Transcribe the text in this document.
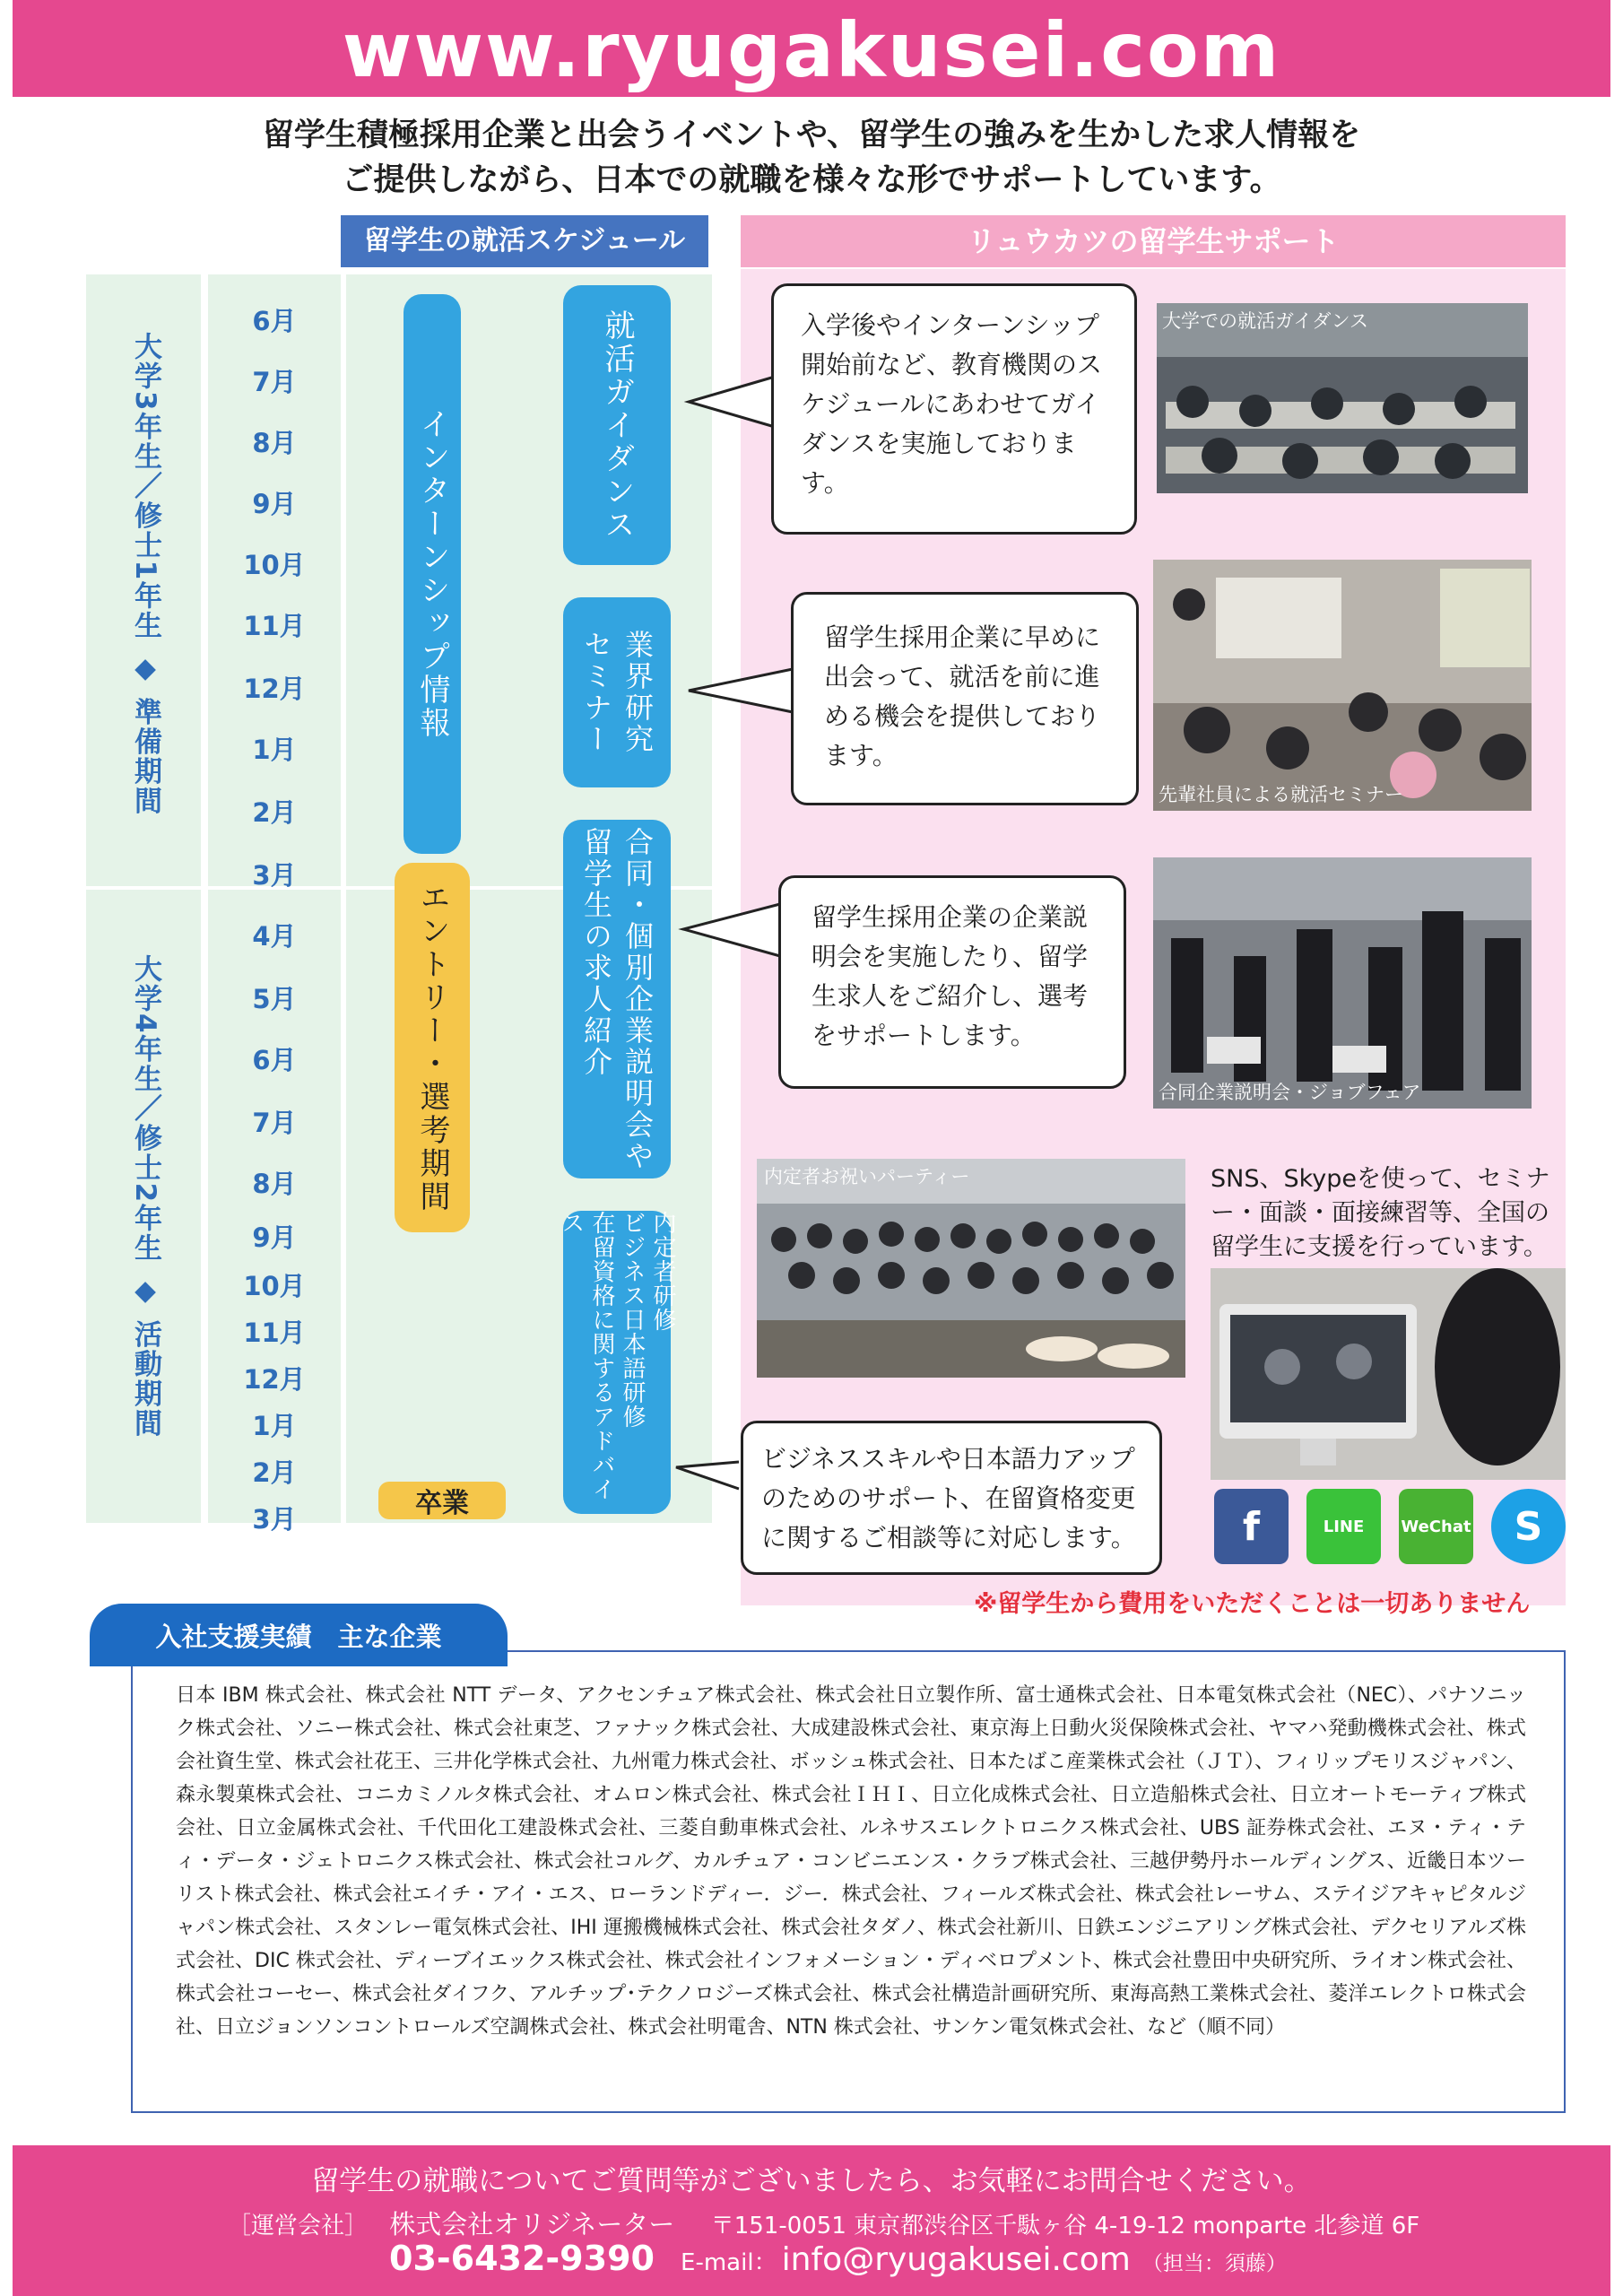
www.ryugakusei.com
留学生積極採用企業と出会うイベントや、留学生の強みを生かした求人情報を
ご提供しながら、日本での就職を様々な形でサポートしています。
留学生の就活スケジュール	リュウカツの留学生サポート
大学3年生／修士1年生 ◆ 準備期間
大学4年生／修士2年生 ◆ 活動期間
6月
7月
8月
9月
10月
11月
12月
1月
2月
3月
4月
5月
6月
7月
8月
9月
10月
11月
12月
1月
2月
3月
インターンシップ情報
エントリー・選考期間
卒業
就活ガイダンス
業界研究
セミナー
合同・個別企業説明会や
留学生の求人紹介
内定者研修
ビジネス日本語研修
在留資格に関するアドバイス
入学後やインターンシップ開始前など、教育機関のスケジュールにあわせてガイダンスを実施しております。
留学生採用企業に早めに出会って、就活を前に進める機会を提供しております。
留学生採用企業の企業説明会を実施したり、留学生求人をご紹介し、選考をサポートします。
ビジネススキルや日本語力アップのためのサポート、在留資格変更に関するご相談等に対応します。
大学での就活ガイダンス
先輩社員による就活セミナー
合同企業説明会・ジョブフェア
内定者お祝いパーティー	SNS、Skypeを使って、セミナー・面談・面接練習等、全国の留学生に支援を行っています。
f	LINE WeChat S
※留学生から費用をいただくことは一切ありません
入社支援実績　主な企業
日本 IBM 株式会社、株式会社 NTT データ、アクセンチュア株式会社、株式会社日立製作所、富士通株式会社、日本電気株式会社（NEC）、パナソニック株式会社、ソニー株式会社、株式会社東芝、ファナック株式会社、大成建設株式会社、東京海上日動火災保険株式会社、ヤマハ発動機株式会社、株式会社資生堂、株式会社花王、三井化学株式会社、九州電力株式会社、ボッシュ株式会社、日本たばこ産業株式会社（ＪＴ）、フィリップモリスジャパン、森永製菓株式会社、コニカミノルタ株式会社、オムロン株式会社、株式会社ＩＨＩ、日立化成株式会社、日立造船株式会社、日立オートモーティブ株式会社、日立金属株式会社、千代田化工建設株式会社、三菱自動車株式会社、ルネサスエレクトロニクス株式会社、UBS 証券株式会社、エヌ・ティ・ティ・データ・ジェトロニクス株式会社、株式会社コルグ、カルチュア・コンビニエンス・クラブ株式会社、三越伊勢丹ホールディングス、近畿日本ツーリスト株式会社、株式会社エイチ・アイ・エス、ローランドディー．ジー．株式会社、フィールズ株式会社、株式会社レーサム、ステイジアキャピタルジャパン株式会社、スタンレー電気株式会社、IHI 運搬機械株式会社、株式会社タダノ、株式会社新川、日鉄エンジニアリング株式会社、デクセリアルズ株式会社、DIC 株式会社、ディーブイエックス株式会社、株式会社インフォメーション・ディベロプメント、株式会社豊田中央研究所、ライオン株式会社、株式会社コーセー、株式会社ダイフク、アルチップ･テクノロジーズ株式会社、株式会社構造計画研究所、東海高熱工業株式会社、菱洋エレクトロ株式会社、日立ジョンソンコントロールズ空調株式会社、株式会社明電舎、NTN 株式会社、サンケン電気株式会社、など（順不同）
留学生の就職についてご質問等がございましたら、お気軽にお問合せください。
［運営会社］ 株式会社オリジネーター 〒151-0051 東京都渋谷区千駄ヶ谷 4-19-12 monparte 北参道 6F
03-6432-9390 E-mail： info@ryugakusei.com （担当：須藤）
